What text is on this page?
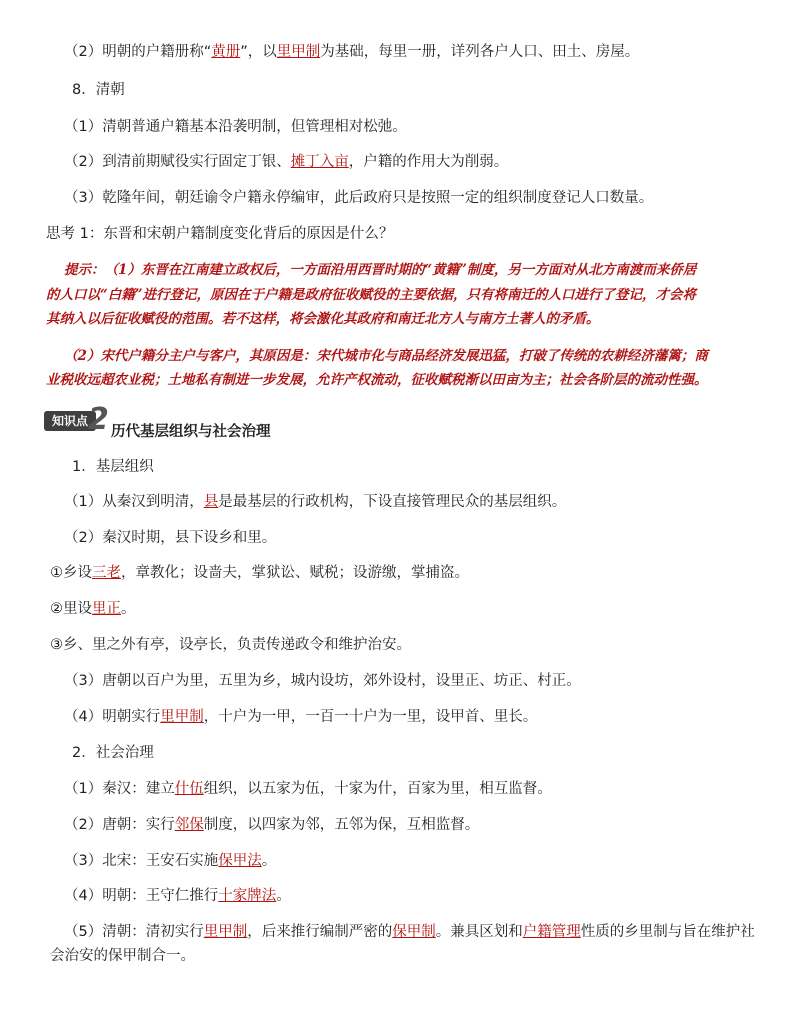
（2）明朝的户籍册称“黄册”，以里甲制为基础，每里一册，详列各户人口、田土、房屋。
8．清朝
（1）清朝普通户籍基本沿袭明制，但管理相对松弛。
（2）到清前期赋役实行固定丁银、摊丁入亩，户籍的作用大为削弱。
（3）乾隆年间，朝廷谕令户籍永停编审，此后政府只是按照一定的组织制度登记人口数量。
思考 1：东晋和宋朝户籍制度变化背后的原因是什么？
提示：（1）东晋在江南建立政权后，一方面沿用西晋时期的“黄籍”制度，另一方面对从北方南渡而来侨居
的人口以“白籍”进行登记，原因在于户籍是政府征收赋役的主要依据，只有将南迁的人口进行了登记，才会将
其纳入以后征收赋役的范围。若不这样，将会激化其政府和南迁北方人与南方土著人的矛盾。
（2）宋代户籍分主户与客户，其原因是：宋代城市化与商品经济发展迅猛，打破了传统的农耕经济藩篱；商
业税收远超农业税；土地私有制进一步发展，允许产权流动，征收赋税渐以田亩为主；社会各阶层的流动性强。
知识点 2 历代基层组织与社会治理
1．基层组织
（1）从秦汉到明清，县是最基层的行政机构，下设直接管理民众的基层组织。
（2）秦汉时期，县下设乡和里。
①乡设三老，章教化；设啬夫，掌狱讼、赋税；设游缴，掌捕盗。
②里设里正。
③乡、里之外有亭，设亭长，负责传递政令和维护治安。
（3）唐朝以百户为里，五里为乡，城内设坊，郊外设村，设里正、坊正、村正。
（4）明朝实行里甲制，十户为一甲，一百一十户为一里，设甲首、里长。
2．社会治理
（1）秦汉：建立什伍组织，以五家为伍，十家为什，百家为里，相互监督。
（2）唐朝：实行邻保制度，以四家为邻，五邻为保，互相监督。
（3）北宋：王安石实施保甲法。
（4）明朝：王守仁推行十家牌法。
（5）清朝：清初实行里甲制，后来推行编制严密的保甲制。兼具区划和户籍管理性质的乡里制与旨在维护社
会治安的保甲制合一。
